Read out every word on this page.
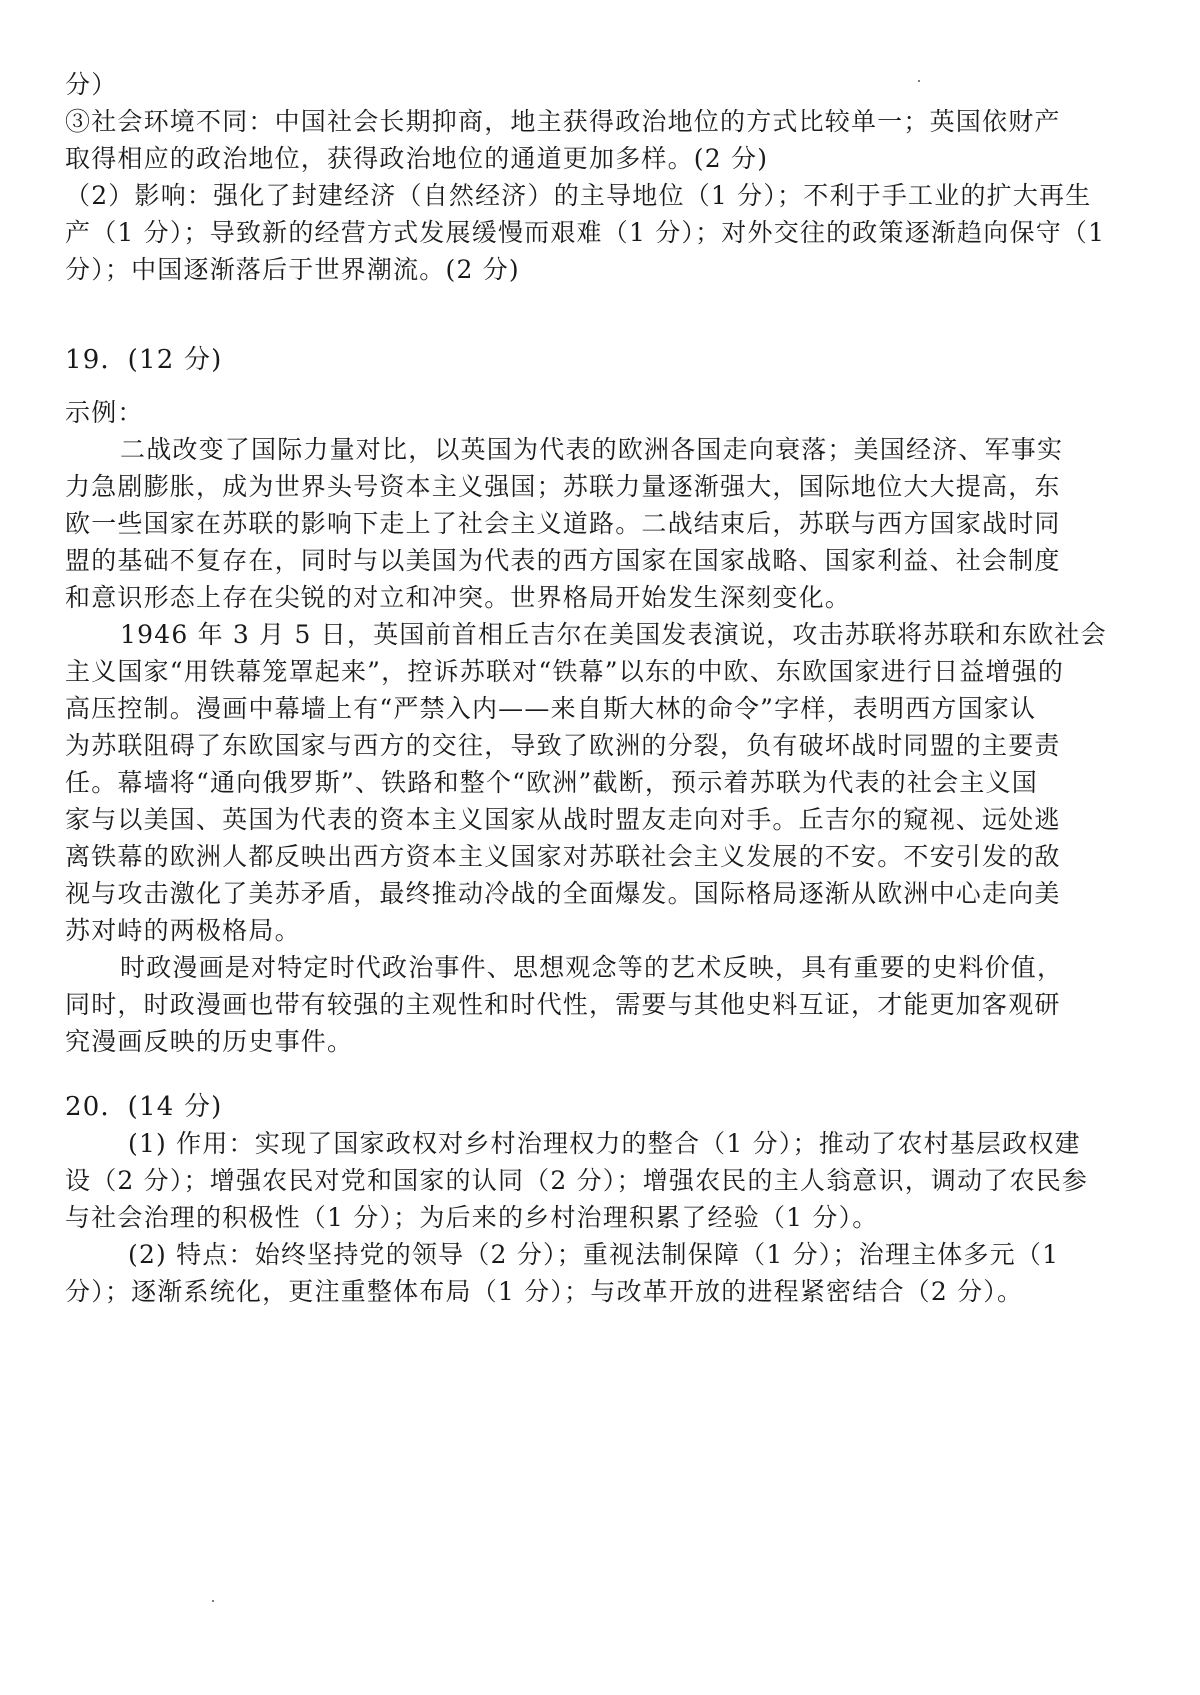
分）
③社会环境不同：中国社会长期抑商，地主获得政治地位的方式比较单一；英国依财产
取得相应的政治地位，获得政治地位的通道更加多样。(2 分)
（2）影响：强化了封建经济（自然经济）的主导地位（1 分）；不利于手工业的扩大再生
产（1 分）；导致新的经营方式发展缓慢而艰难（1 分）；对外交往的政策逐渐趋向保守（1
分）；中国逐渐落后于世界潮流。(2 分)
19．(12 分)
示例：
二战改变了国际力量对比，以英国为代表的欧洲各国走向衰落；美国经济、军事实
力急剧膨胀，成为世界头号资本主义强国；苏联力量逐渐强大，国际地位大大提高，东
欧一些国家在苏联的影响下走上了社会主义道路。二战结束后，苏联与西方国家战时同
盟的基础不复存在，同时与以美国为代表的西方国家在国家战略、国家利益、社会制度
和意识形态上存在尖锐的对立和冲突。世界格局开始发生深刻变化。
1946 年 3 月 5 日，英国前首相丘吉尔在美国发表演说，攻击苏联将苏联和东欧社会
主义国家“用铁幕笼罩起来”，控诉苏联对“铁幕”以东的中欧、东欧国家进行日益增强的
高压控制。漫画中幕墙上有“严禁入内——来自斯大林的命令”字样，表明西方国家认
为苏联阻碍了东欧国家与西方的交往，导致了欧洲的分裂，负有破坏战时同盟的主要责
任。幕墙将“通向俄罗斯”、铁路和整个“欧洲”截断，预示着苏联为代表的社会主义国
家与以美国、英国为代表的资本主义国家从战时盟友走向对手。丘吉尔的窥视、远处逃
离铁幕的欧洲人都反映出西方资本主义国家对苏联社会主义发展的不安。不安引发的敌
视与攻击激化了美苏矛盾，最终推动冷战的全面爆发。国际格局逐渐从欧洲中心走向美
苏对峙的两极格局。
时政漫画是对特定时代政治事件、思想观念等的艺术反映，具有重要的史料价值，
同时，时政漫画也带有较强的主观性和时代性，需要与其他史料互证，才能更加客观研
究漫画反映的历史事件。
20．(14 分)
(1) 作用：实现了国家政权对乡村治理权力的整合（1 分）；推动了农村基层政权建
设（2 分）；增强农民对党和国家的认同（2 分）；增强农民的主人翁意识，调动了农民参
与社会治理的积极性（1 分）；为后来的乡村治理积累了经验（1 分）。
(2) 特点：始终坚持党的领导（2 分）；重视法制保障（1 分）；治理主体多元（1
分）；逐渐系统化，更注重整体布局（1 分）；与改革开放的进程紧密结合（2 分）。
